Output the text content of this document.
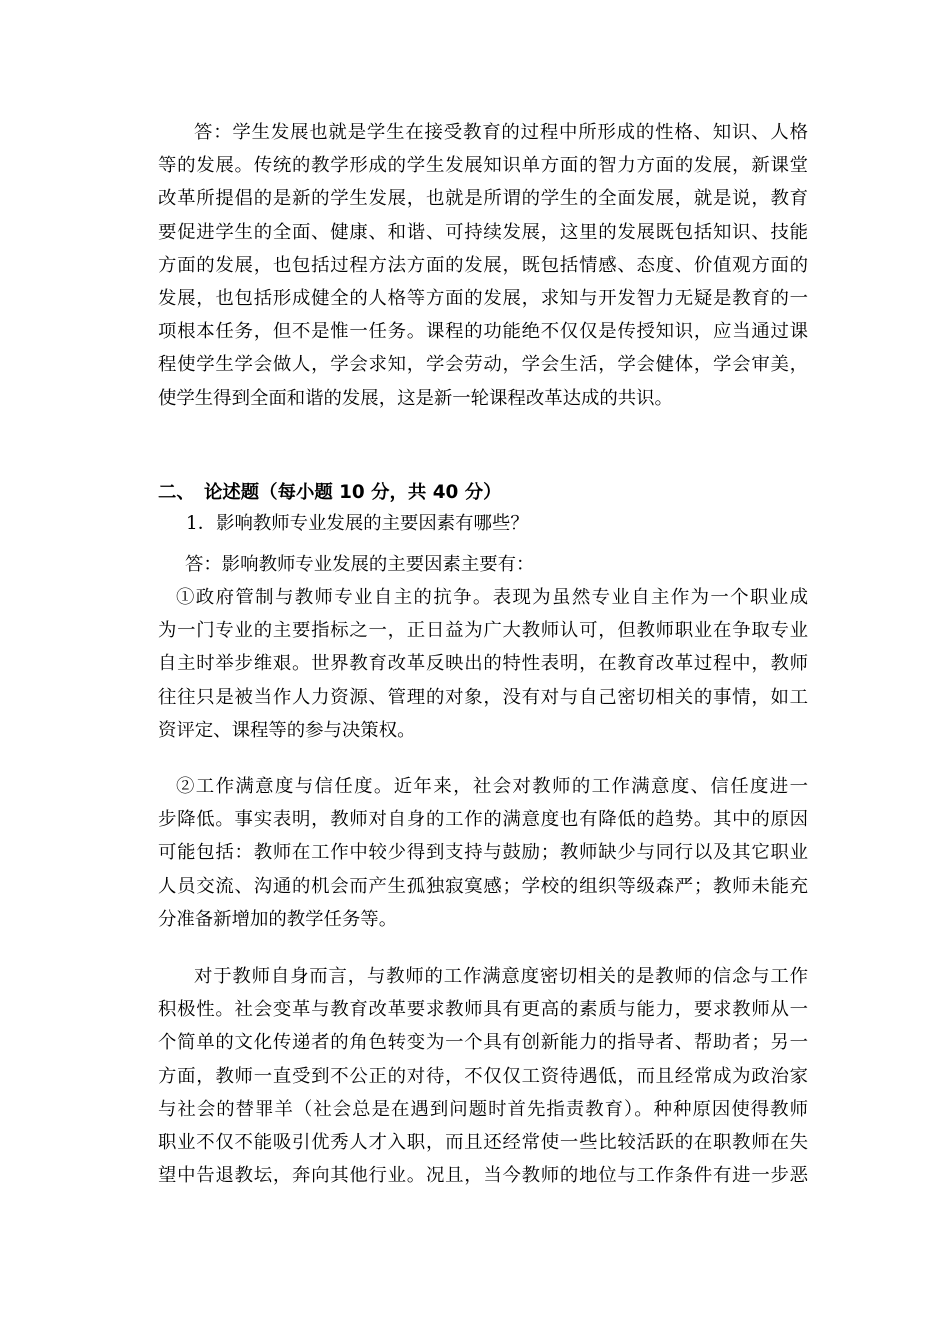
答：学生发展也就是学生在接受教育的过程中所形成的性格、知识、人格
等的发展。传统的教学形成的学生发展知识单方面的智力方面的发展，新课堂
改革所提倡的是新的学生发展，也就是所谓的学生的全面发展，就是说，教育
要促进学生的全面、健康、和谐、可持续发展，这里的发展既包括知识、技能
方面的发展，也包括过程方法方面的发展，既包括情感、态度、价值观方面的
发展，也包括形成健全的人格等方面的发展，求知与开发智力无疑是教育的一
项根本任务，但不是惟一任务。课程的功能绝不仅仅是传授知识，应当通过课
程使学生学会做人，学会求知，学会劳动，学会生活，学会健体，学会审美，
使学生得到全面和谐的发展，这是新一轮课程改革达成的共识。
二、 论述题（每小题 10 分，共 40 分）
1．影响教师专业发展的主要因素有哪些？
答：影响教师专业发展的主要因素主要有：
①政府管制与教师专业自主的抗争。表现为虽然专业自主作为一个职业成
为一门专业的主要指标之一，正日益为广大教师认可，但教师职业在争取专业
自主时举步维艰。世界教育改革反映出的特性表明，在教育改革过程中，教师
往往只是被当作人力资源、管理的对象，没有对与自己密切相关的事情，如工
资评定、课程等的参与决策权。
②工作满意度与信任度。近年来，社会对教师的工作满意度、信任度进一
步降低。事实表明，教师对自身的工作的满意度也有降低的趋势。其中的原因
可能包括：教师在工作中较少得到支持与鼓励；教师缺少与同行以及其它职业
人员交流、沟通的机会而产生孤独寂寞感；学校的组织等级森严；教师未能充
分准备新增加的教学任务等。
对于教师自身而言，与教师的工作满意度密切相关的是教师的信念与工作
积极性。社会变革与教育改革要求教师具有更高的素质与能力，要求教师从一
个简单的文化传递者的角色转变为一个具有创新能力的指导者、帮助者；另一
方面，教师一直受到不公正的对待，不仅仅工资待遇低，而且经常成为政治家
与社会的替罪羊（社会总是在遇到问题时首先指责教育）。种种原因使得教师
职业不仅不能吸引优秀人才入职，而且还经常使一些比较活跃的在职教师在失
望中告退教坛，奔向其他行业。况且，当今教师的地位与工作条件有进一步恶
